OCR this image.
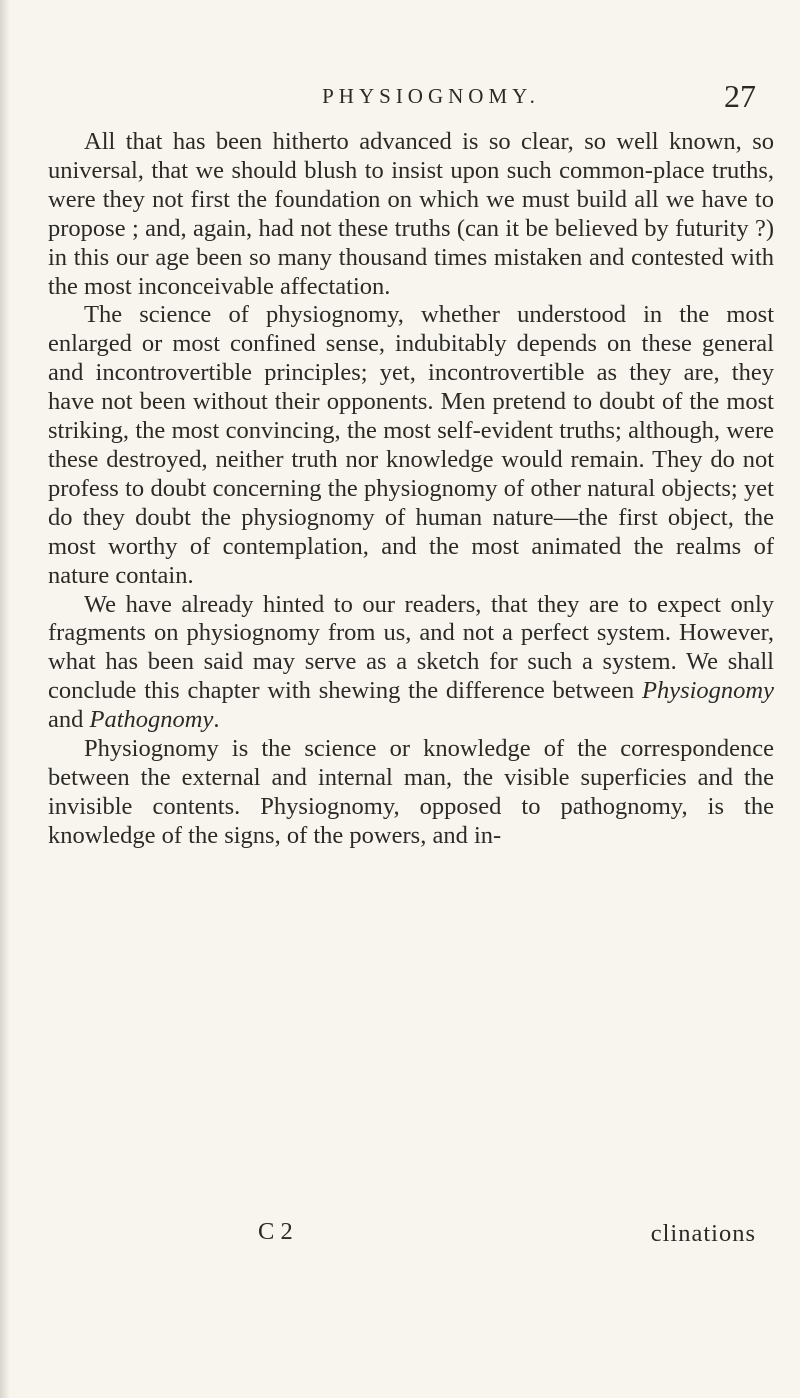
PHYSIOGNOMY.	27

All that has been hitherto advanced is so clear, so well known, so universal, that we should blush to insist upon such common-place truths, were they not first the foundation on which we must build all we have to propose ; and, again, had not these truths (can it be believed by futurity ?) in this our age been so many thousand times mistaken and contested with the most inconceivable affectation.

The science of physiognomy, whether understood in the most enlarged or most confined sense, indubitably depends on these general and incontrovertible principles; yet, incontrovertible as they are, they have not been without their opponents. Men pretend to doubt of the most striking, the most convincing, the most self-evident truths; although, were these destroyed, neither truth nor knowledge would remain. They do not profess to doubt concerning the physiognomy of other natural objects; yet do they doubt the physiognomy of human nature—the first object, the most worthy of contemplation, and the most animated the realms of nature contain.

We have already hinted to our readers, that they are to expect only fragments on physiognomy from us, and not a perfect system. However, what has been said may serve as a sketch for such a system. We shall conclude this chapter with shewing the difference between Physiognomy and Pathognomy.

Physiognomy is the science or knowledge of the correspondence between the external and internal man, the visible superficies and the invisible contents. Physiognomy, opposed to pathognomy, is the knowledge of the signs, of the powers, and in-

C 2	clinations
